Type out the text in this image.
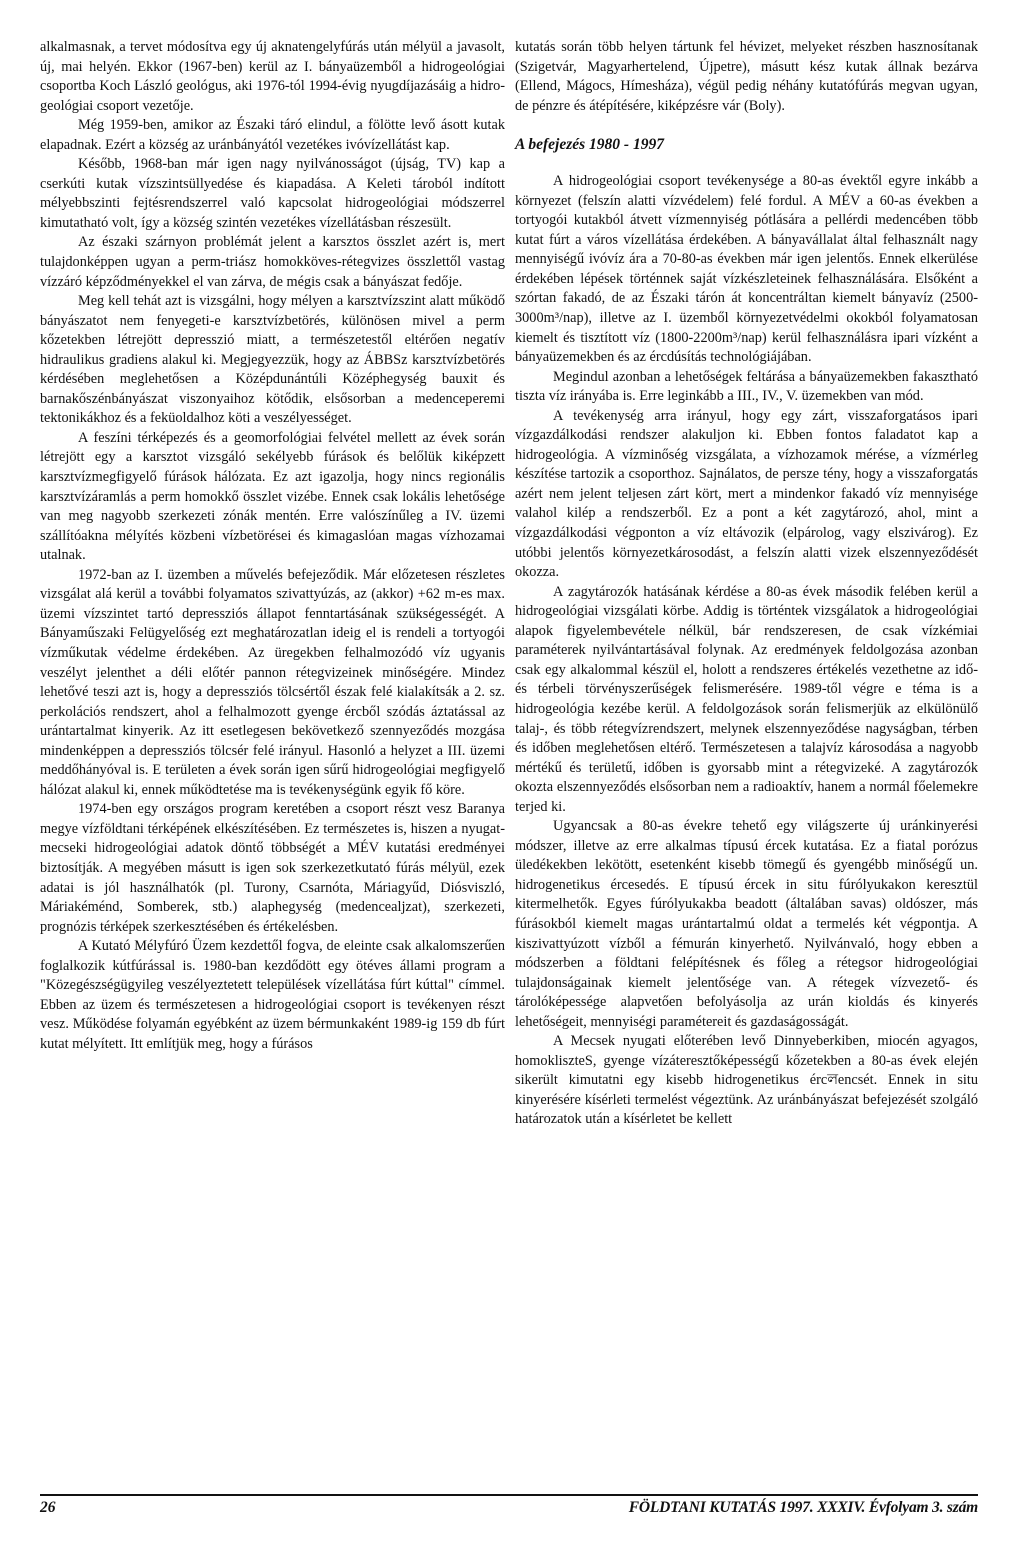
alkalmasnak, a tervet módosítva egy új aknatengelyfúrás után mélyül a javasolt, új, mai helyén. Ekkor (1967-ben) kerül az I. bányaüzemből a hidrogeológiai csoportba Koch László geológus, aki 1976-tól 1994-évig nyugdíjazásáig a hidro-geológiai csoport vezetője.

Még 1959-ben, amikor az Északi táró elindul, a fölötte levő ásott kutak elapadnak. Ezért a község az uránbányától vezetékes ivóvízellátást kap.

Később, 1968-ban már igen nagy nyilvánosságot (újság, TV) kap a cserkúti kutak vízszintsüllyedése és kiapadása. A Keleti tároból indított mélyebbszinti fejtésrendszerrel való kapcsolat hidrogeológiai módszerrel kimutatható volt, így a község szintén vezetékes vízellátásban részesült.

Az északi szárnyon problémát jelent a karsztos összlet azért is, mert tulajdonképpen ugyan a perm-triász homokköves-rétegvizes összlettől vastag vízzáró képződményekkel el van zárva, de mégis csak a bányászat fedője.

Meg kell tehát azt is vizsgálni, hogy mélyen a karsztvízszint alatt működő bányászatot nem fenyegeti-e karsztvízbetörés, különösen mivel a perm kőzetekben létrejött depresszió miatt, a természetestől eltérően negatív hidraulikus gradiens alakul ki. Megjegyezzük, hogy az ÁBBSz karsztvízbetörés kérdésében meglehetősen a Középdunántúli Középhegység bauxit és barnakőszénbányászat viszonyaihoz kötődik, elsősorban a medenceperemi tektonikákhoz és a feküoldalhoz köti a veszélyességet.

A feszíni térképezés és a geomorfológiai felvétel mellett az évek során létrejött egy a karsztot vizsgáló sekélyebb fúrások és belőlük kiképzett karsztvízmegfigyelő fúrások hálózata. Ez azt igazolja, hogy nincs regionális karsztvízáramlás a perm homokkő összlet vizébe. Ennek csak lokális lehetősége van meg nagyobb szerkezeti zónák mentén. Erre valószínűleg a IV. üzemi szállítóakna mélyítés közbeni vízbetörései és kimagaslóan magas vízhozamai utalnak.

1972-ban az I. üzemben a művelés befejeződik. Már előzetesen részletes vizsgálat alá kerül a további folyamatos szivattyúzás, az (akkor) +62 m-es max. üzemi vízszintet tartó depressziós állapot fenntartásának szükségességét. A Bányaműszaki Felügyelőség ezt meghatározatlan ideig el is rendeli a tortyogói vízműkutak védelme érdekében. Az üregekben felhalmozódó víz ugyanis veszélyt jelenthet a déli előtér pannon rétegvizeinek minőségére. Mindez lehetővé teszi azt is, hogy a depressziós tölcsértől észak felé kialakítsák a 2. sz. perkolációs rendszert, ahol a felhalmozott gyenge ércből szódás áztatással az urántartalmat kinyerik. Az itt esetlegesen bekövetkező szennyeződés mozgása mindenképpen a depressziós tölcsér felé irányul. Hasonló a helyzet a III. üzemi meddőhányóval is. E területen a évek során igen sűrű hidrogeológiai megfigyelő hálózat alakul ki, ennek működtetése ma is tevékenységünk egyik fő köre.

1974-ben egy országos program keretében a csoport részt vesz Baranya megye vízföldtani térképének elkészítésében. Ez természetes is, hiszen a nyugat-mecseki hidrogeológiai adatok döntő többségét a MÉV kutatási eredményei biztosítják. A megyében másutt is igen sok szerkezetkutató fúrás mélyül, ezek adatai is jól használhatók (pl. Turony, Csarnóta, Máriagyűd, Diósviszló, Máriakéménd, Somberek, stb.) alaphegység (medencealjzat), szerkezeti, prognózis térképek szerkesztésében és értékelésben.

A Kutató Mélyfúró Üzem kezdettől fogva, de eleinte csak alkalomszerűen foglalkozik kútfúrással is. 1980-ban kezdődött egy ötéves állami program a "Közegészségügyileg veszélyeztetett települések vízellátása fúrt kúttal" címmel. Ebben az üzem és természetesen a hidrogeológiai csoport is tevékenyen részt vesz. Működése folyamán egyébként az üzem bérmunkaként 1989-ig 159 db fúrt kutat mélyített. Itt említjük meg, hogy a fúrásos

kutatás során több helyen tártunk fel hévizet, melyeket részben hasznosítanak (Szigetvár, Magyarhertelend, Újpetre), másutt kész kutak állnak bezárva (Ellend, Mágocs, Hímesháza), végül pedig néhány kutatófúrás megvan ugyan, de pénzre és átépítésére, kiképzésre vár (Boly).

A befejezés 1980 - 1997

A hidrogeológiai csoport tevékenysége a 80-as évektől egyre inkább a környezet (felszín alatti vízvédelem) felé fordul. A MÉV a 60-as években a tortyogói kutakból átvett vízmennyiség pótlására a pellérdi medencében több kutat fúrt a város vízellátása érdekében. A bányavállalat által felhasznált nagy mennyiségű ivóvíz ára a 70-80-as években már igen jelentős. Ennek elkerülése érdekében lépések történnek saját vízkészleteinek felhasználására. Elsőként a szórtan fakadó, de az Északi tárón át koncentráltan kiemelt bányavíz (2500-3000m³/nap), illetve az I. üzemből környezetvédelmi okokból folyamatosan kiemelt és tisztított víz (1800-2200m³/nap) kerül felhasználásra ipari vízként a bányaüzemekben és az ércdúsítás technológiájában.

Megindul azonban a lehetőségek feltárása a bányaüzemekben fakasztható tiszta víz irányába is. Erre leginkább a III., IV., V. üzemekben van mód.

A tevékenység arra irányul, hogy egy zárt, visszaforgatásos ipari vízgazdálkodási rendszer alakuljon ki. Ebben fontos faladatot kap a hidrogeológia. A vízminőség vizsgálata, a vízhozamok mérése, a vízmérleg készítése tartozik a csoporthoz. Sajnálatos, de persze tény, hogy a visszaforgatás azért nem jelent teljesen zárt kört, mert a mindenkor fakadó víz mennyisége valahol kilép a rendszerből. Ez a pont a két zagytározó, ahol, mint a vízgazdálkodási végponton a víz eltávozik (elpárolog, vagy elszivárog). Ez utóbbi jelentős környezetkárosodást, a felszín alatti vizek elszennyeződését okozza.

A zagytározók hatásának kérdése a 80-as évek második felében kerül a hidrogeológiai vizsgálati körbe. Addig is történtek vizsgálatok a hidrogeológiai alapok figyelembevétele nélkül, bár rendszeresen, de csak vízkémiai paraméterek nyilvántartásával folynak. Az eredmények feldolgozása azonban csak egy alkalommal készül el, holott a rendszeres értékelés vezethetne az idő- és térbeli törvényszerűségek felismerésére. 1989-től végre e téma is a hidrogeológia kezébe kerül. A feldolgozások során felismerjük az elkülönülő talaj-, és több rétegvízrendszert, melynek elszennyeződése nagyságban, térben és időben meglehetősen eltérő. Természetesen a talajvíz károsodása a nagyobb mértékű és területű, időben is gyorsabb mint a rétegvizeké. A zagytározók okozta elszennyeződés elsősorban nem a radioaktív, hanem a normál főelemekre terjed ki.

Ugyancsak a 80-as évekre tehető egy világszerte új uránkinyerési módszer, illetve az erre alkalmas típusú ércek kutatása. Ez a fiatal porózus üledékekben lekötött, esetenként kisebb tömegű és gyengébb minőségű un. hidrogenetikus ércesedés. E típusú ércek in situ fúrólyukakon keresztül kitermelhetők. Egyes fúrólyukakba beadott (általában savas) oldószer, más fúrásokból kiemelt magas urántartalmú oldat a termelés két végpontja. A kiszivattyúzott vízből a fémurán kinyerhető. Nyilvánvaló, hogy ebben a módszerben a földtani felépítésnek és főleg a rétegsor hidrogeológiai tulajdonságainak kiemelt jelentősége van. A rétegek vízvezető- és tárolóképessége alapvetően befolyásolja az urán kioldás és kinyerés lehetőségeit, mennyiségi paramétereit és gazdaságosságát.

A Mecsek nyugati előterében levő Dinnyeberkiben, miocén agyagos, homokliszteS, gyenge vízáteresztőképességű kőzetekben a 80-as évek elején sikerült kimutatni egy kisebb hidrogenetikus ércলencsét. Ennek in situ kinyerésére kísérleti termelést végeztünk. Az uránbányászat befejezését szolgáló határozatok után a kísérletet be kellett

26	FÖLDTANI KUTATÁS 1997. XXXIV. Évfolyam 3. szám
